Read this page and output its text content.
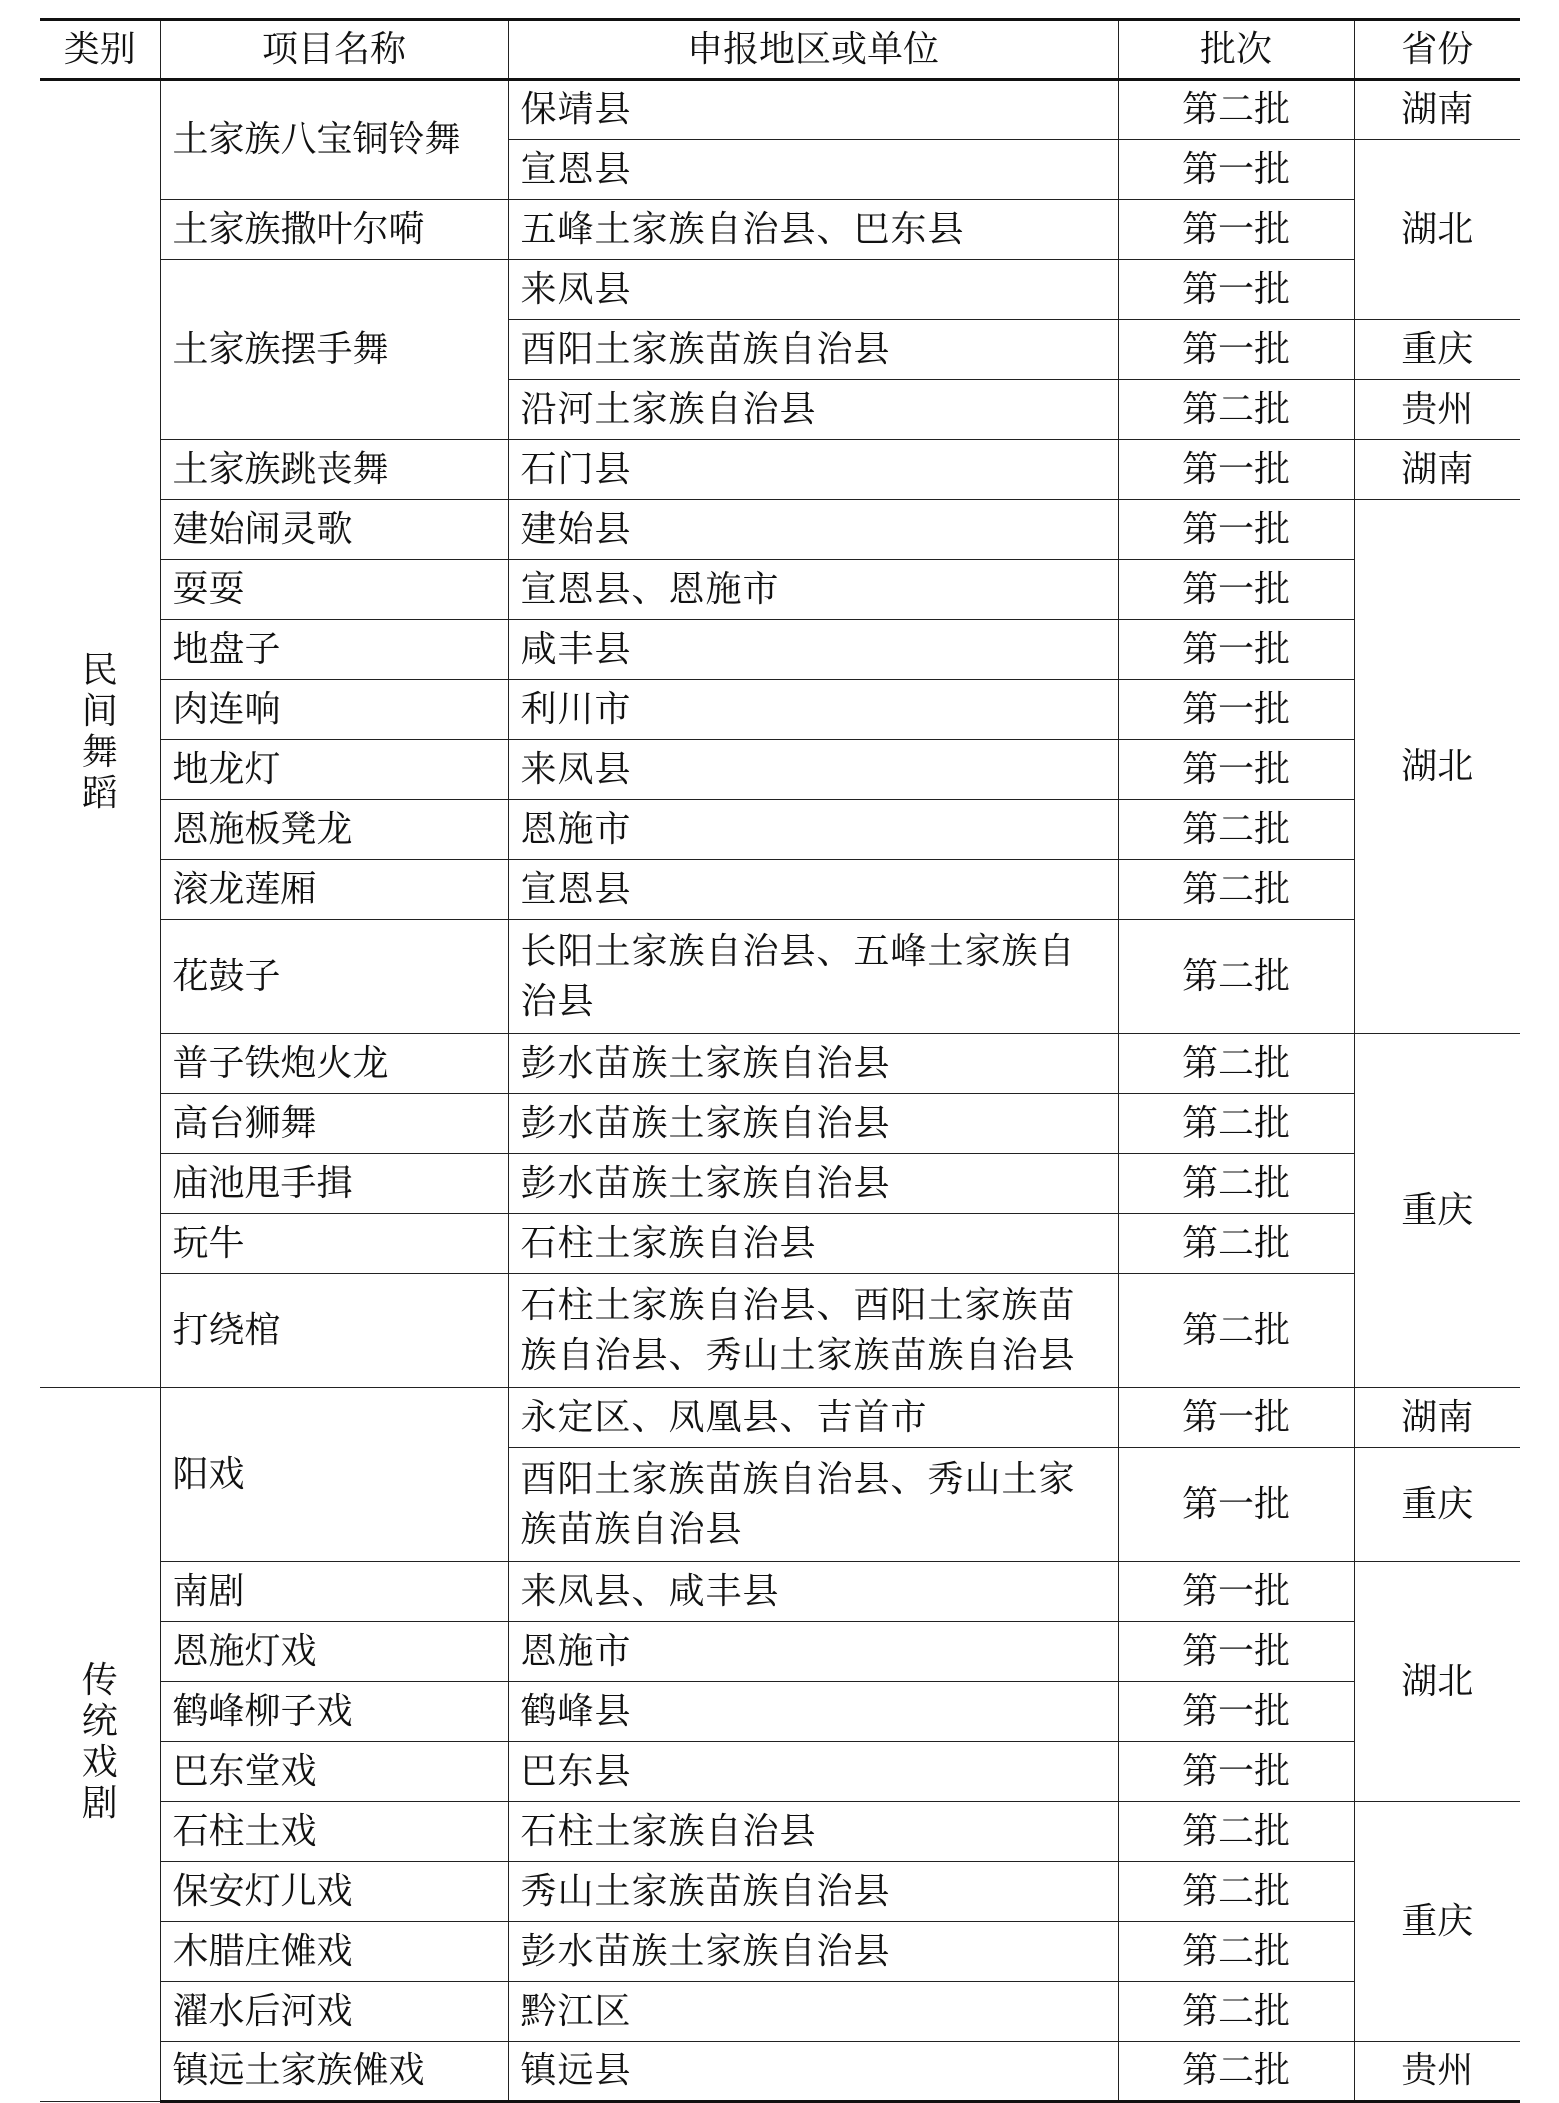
类别	项目名称	申报地区或单位	批次	省份
民间舞蹈	土家族八宝铜铃舞	保靖县	第二批	湖南
		宣恩县	第一批	湖北
	土家族撒叶尔嗬	五峰土家族自治县、巴东县	第一批	
	土家族摆手舞	来凤县	第一批	
		酉阳土家族苗族自治县	第一批	重庆
		沿河土家族自治县	第二批	贵州
	土家族跳丧舞	石门县	第一批	湖南
	建始闹灵歌	建始县	第一批	湖北
	耍耍	宣恩县、恩施市	第一批	
	地盘子	咸丰县	第一批	
	肉连响	利川市	第一批	
	地龙灯	来凤县	第一批	
	恩施板凳龙	恩施市	第二批	
	滚龙莲厢	宣恩县	第二批	
	花鼓子	长阳土家族自治县、五峰土家族自治县	第二批	
	普子铁炮火龙	彭水苗族土家族自治县	第二批	重庆
	高台狮舞	彭水苗族土家族自治县	第二批	
	庙池甩手揖	彭水苗族土家族自治县	第二批	
	玩牛	石柱土家族自治县	第二批	
	打绕棺	石柱土家族自治县、酉阳土家族苗族自治县、秀山土家族苗族自治县	第二批	
传统戏剧	阳戏	永定区、凤凰县、吉首市	第一批	湖南
		酉阳土家族苗族自治县、秀山土家族苗族自治县	第一批	重庆
	南剧	来凤县、咸丰县	第一批	湖北
	恩施灯戏	恩施市	第一批	
	鹤峰柳子戏	鹤峰县	第一批	
	巴东堂戏	巴东县	第一批	
	石柱土戏	石柱土家族自治县	第二批	重庆
	保安灯儿戏	秀山土家族苗族自治县	第二批	
	木腊庄傩戏	彭水苗族土家族自治县	第二批	
	濯水后河戏	黔江区	第二批	
	镇远土家族傩戏	镇远县	第二批	贵州
